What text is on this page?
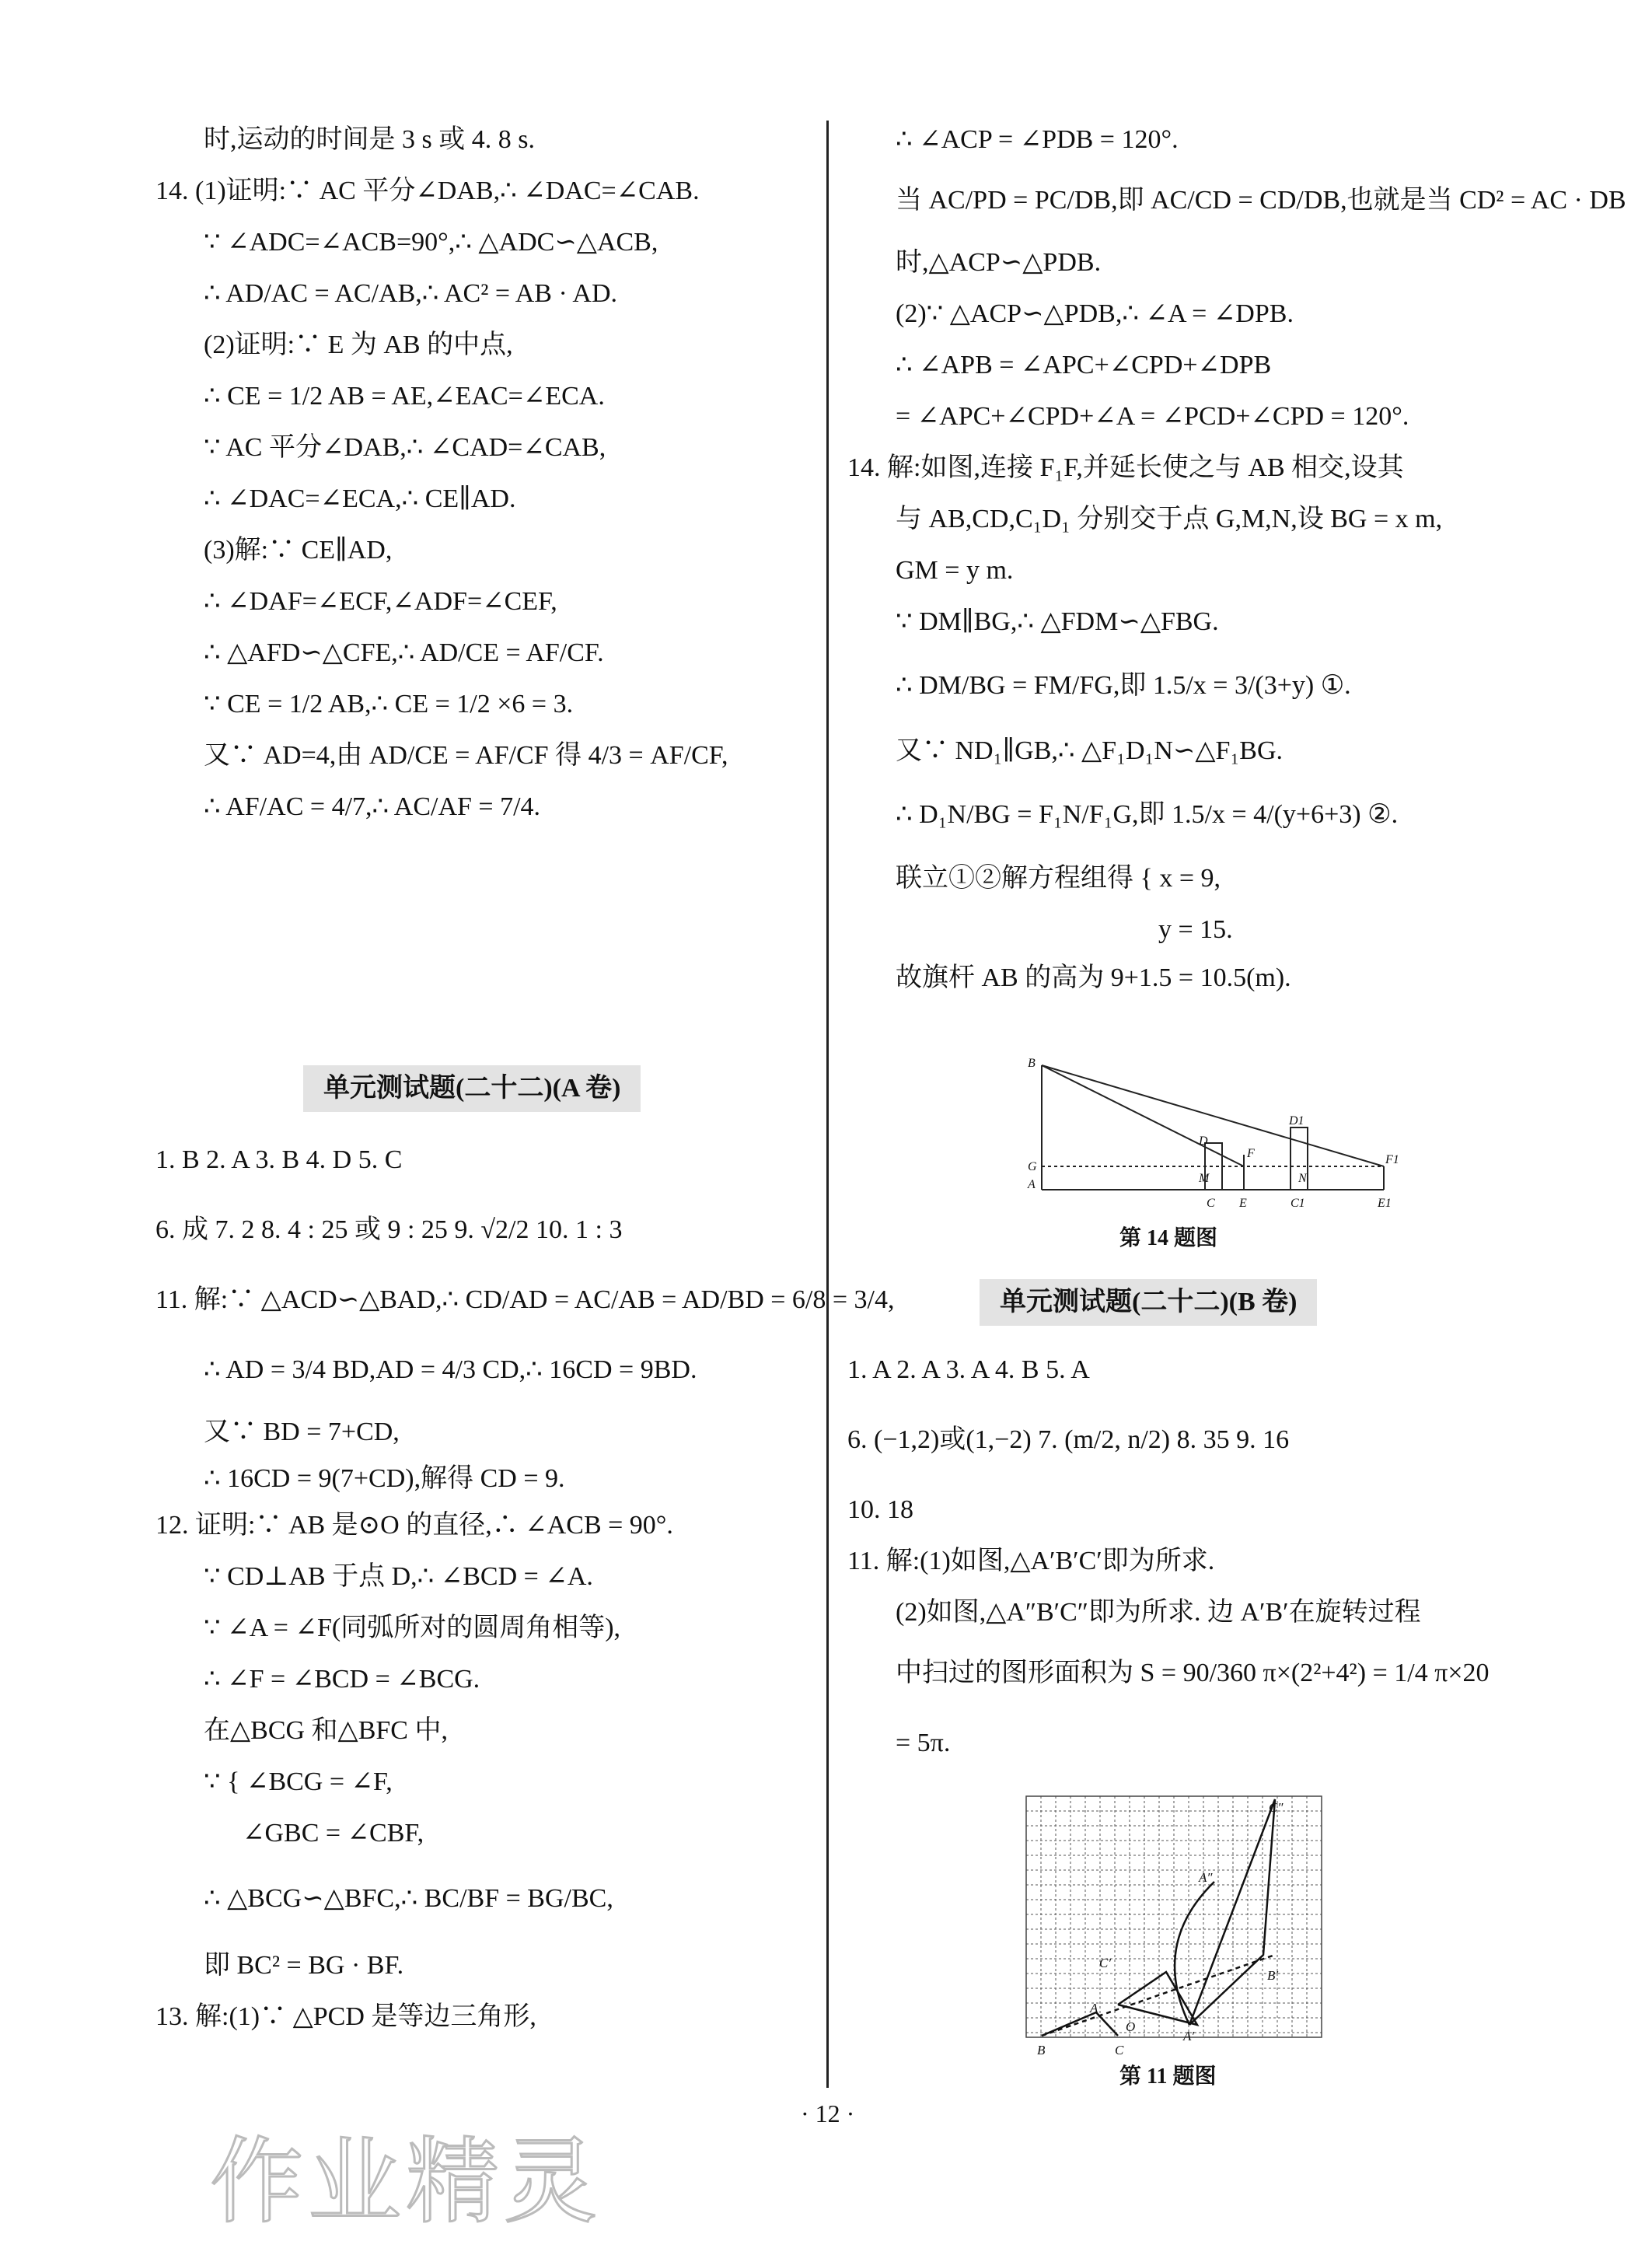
时,运动的时间是 3 s 或 4. 8 s.
14. (1)证明:∵ AC 平分∠DAB,∴ ∠DAC=∠CAB.
∵ ∠ADC=∠ACB=90°,∴ △ADC∽△ACB,
∴ AD/AC = AC/AB,∴ AC² = AB · AD.
(2)证明:∵ E 为 AB 的中点,
∴ CE = 1/2 AB = AE,∠EAC=∠ECA.
∵ AC 平分∠DAB,∴ ∠CAD=∠CAB,
∴ ∠DAC=∠ECA,∴ CE∥AD.
(3)解:∵ CE∥AD,
∴ ∠DAF=∠ECF,∠ADF=∠CEF,
∴ △AFD∽△CFE,∴ AD/CE = AF/CF.
∵ CE = 1/2 AB,∴ CE = 1/2 ×6 = 3.
又∵ AD=4,由 AD/CE = AF/CF 得 4/3 = AF/CF,
∴ AF/AC = 4/7,∴ AC/AF = 7/4.
单元测试题(二十二)(A 卷)
1. B 2. A 3. B 4. D 5. C
6. 成 7. 2 8. 4 : 25 或 9 : 25 9. √2/2 10. 1 : 3
11. 解:∵ △ACD∽△BAD,∴ CD/AD = AC/AB = AD/BD = 6/8 = 3/4,
∴ AD = 3/4 BD,AD = 4/3 CD,∴ 16CD = 9BD.
又∵ BD = 7+CD,
∴ 16CD = 9(7+CD),解得 CD = 9.
12. 证明:∵ AB 是⊙O 的直径,∴ ∠ACB = 90°.
∵ CD⊥AB 于点 D,∴ ∠BCD = ∠A.
∵ ∠A = ∠F(同弧所对的圆周角相等),
∴ ∠F = ∠BCD = ∠BCG.
在△BCG 和△BFC 中,
∵ { ∠BCG = ∠F,
∠GBC = ∠CBF,
∴ △BCG∽△BFC,∴ BC/BF = BG/BC,
即 BC² = BG · BF.
13. 解:(1)∵ △PCD 是等边三角形,
∴ ∠ACP = ∠PDB = 120°.
当 AC/PD = PC/DB,即 AC/CD = CD/DB,也就是当 CD² = AC · DB
时,△ACP∽△PDB.
(2)∵ △ACP∽△PDB,∴ ∠A = ∠DPB.
∴ ∠APB = ∠APC+∠CPD+∠DPB
= ∠APC+∠CPD+∠A = ∠PCD+∠CPD = 120°.
14. 解:如图,连接 F₁F,并延长使之与 AB 相交,设其
与 AB,CD,C₁D₁ 分别交于点 G,M,N,设 BG = x m,
GM = y m.
∵ DM∥BG,∴ △FDM∽△FBG.
∴ DM/BG = FM/FG,即 1.5/x = 3/(3+y) ①.
又∵ ND₁∥GB,∴ △F₁D₁N∽△F₁BG.
∴ D₁N/BG = F₁N/F₁G,即 1.5/x = 4/(y+6+3) ②.
联立①②解方程组得 { x = 9,
y = 15.
故旗杆 AB 的高为 9+1.5 = 10.5(m).
B
G
A
D
M
C
F
E
D1
N
C1
F1
E1
第 14 题图
单元测试题(二十二)(B 卷)
1. A 2. A 3. A 4. B 5. A
6. (−1,2)或(1,−2) 7. (m/2, n/2) 8. 35 9. 16
10. 18
11. 解:(1)如图,△A′B′C′即为所求.
(2)如图,△A″B′C″即为所求. 边 A′B′在旋转过程
中扫过的图形面积为 S = 90/360 π×(2²+4²) = 1/4 π×20
= 5π.
C″
A″
C′
B′
A′
A
O
B	C
第 11 题图
· 12 ·
作业精灵
